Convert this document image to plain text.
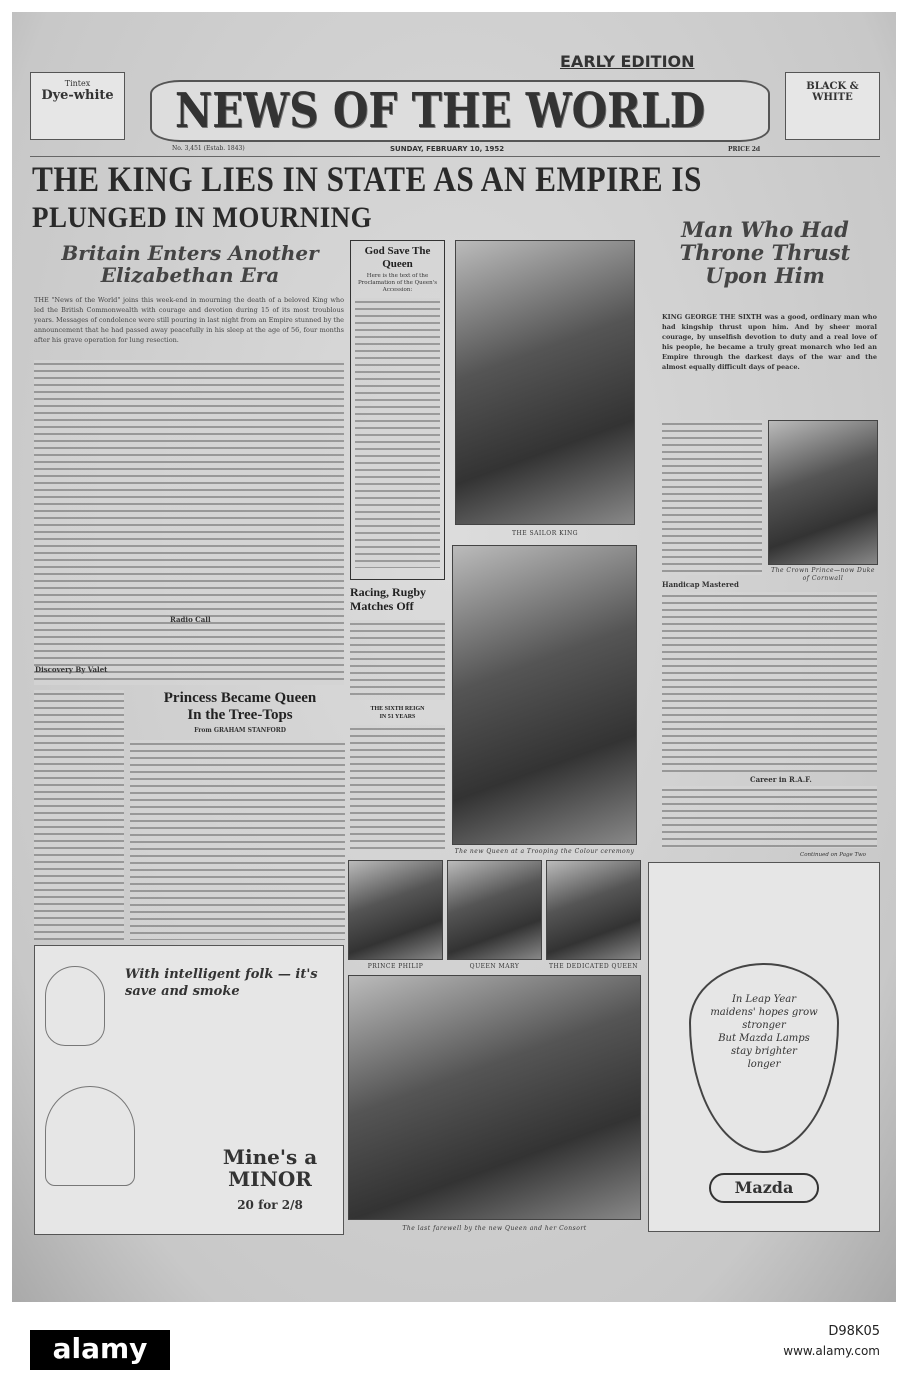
Tintex
Dye-white
EARLY EDITION
NEWS OF THE WORLD	BLACK & WHITE
No. 3,451 (Estab. 1843)	SUNDAY, FEBRUARY 10, 1952	PRICE 2d
THE KING LIES IN STATE AS AN EMPIRE IS
PLUNGED IN MOURNING
Britain Enters Another
Elizabethan Era
THE "News of the World" joins this week-end in mourning the death of a beloved King who led the British Commonwealth with courage and devotion during 15 of its most troublous years. Messages of condolence were still pouring in last night from an Empire stunned by the announcement that he had passed away peacefully in his sleep at the age of 56, four months after his grave operation for lung resection.
Radio Call
Discovery By Valet
Princess Became Queen
In the Tree-Tops
From GRAHAM STANFORD
With intelligent folk — it's save and smoke
Mine's a MINOR
20 for 2/8
God Save The
Queen
Here is the text of the Proclamation of the Queen's Accession:
Racing, Rugby
Matches Off
THE SIXTH REIGN
IN 51 YEARS
THE SAILOR KING
The new Queen at a Trooping the Colour ceremony
PRINCE PHILIP	QUEEN MARY	THE DEDICATED QUEEN
The last farewell by the new Queen and her Consort
Man Who Had
Throne Thrust
Upon Him
KING GEORGE THE SIXTH was a good, ordinary man who had kingship thrust upon him. And by sheer moral courage, by unselfish devotion to duty and a real love of his people, he became a truly great monarch who led an Empire through the darkest days of the war and the almost equally difficult days of peace.
The Crown Prince—now Duke of Cornwall
Handicap Mastered
Career in R.A.F.
Continued on Page Two
In Leap Year
maidens' hopes grow
stronger
But Mazda Lamps
stay brighter
longer
Mazda
alamy
D98K05
www.alamy.com
